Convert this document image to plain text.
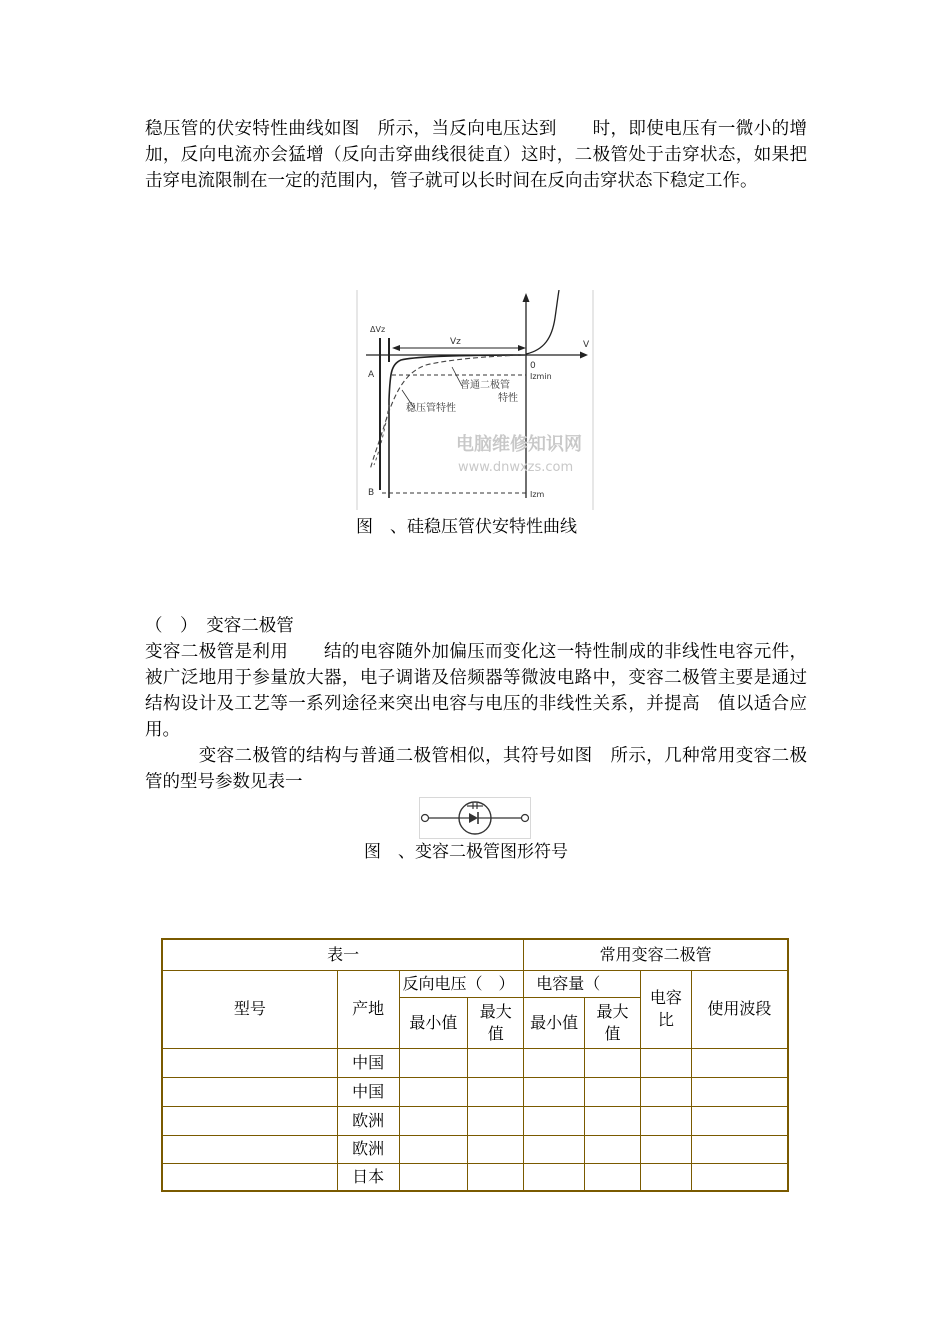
稳压管的伏安特性曲线如图　所示，当反向电压达到　　时，即使电压有一微小的增加，反向电流亦会猛增（反向击穿曲线很徒直）这时，二极管处于击穿状态，如果把击穿电流限制在一定的范围内，管子就可以长时间在反向击穿状态下稳定工作。

ΔVz
Vz	V
0
A
B
Izmin
Izm
普通二极管
特性
稳压管特性
电脑维修知识网
www.dnwxzs.com
图　、硅稳压管伏安特性曲线

（　）　变容二极管

变容二极管是利用　　结的电容随外加偏压而变化这一特性制成的非线性电容元件，被广泛地用于参量放大器，电子调谐及倍频器等微波电路中，变容二极管主要是通过结构设计及工艺等一系列途径来突出电容与电压的非线性关系，并提高　值以适合应用。

　　　变容二极管的结构与普通二极管相似，其符号如图　所示，几种常用变容二极管的型号参数见表一

图　、变容二极管图形符号
表一				常用变容二极管			
型号	产地	反向电压（　）		电容量（		电容比	使用波段
		最小值	最大值	最小值	最大值		
	中国						
	中国						
	欧洲						
	欧洲						
	日本						
